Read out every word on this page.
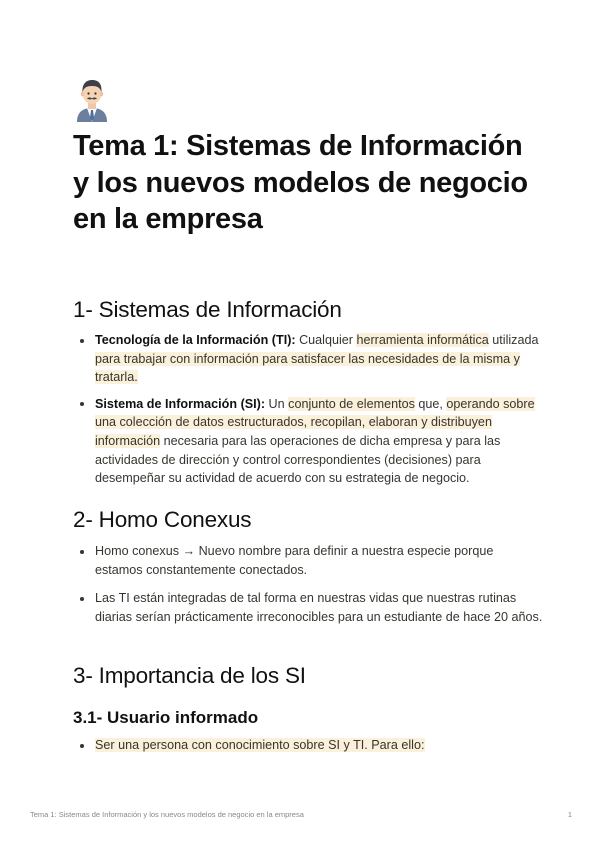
Tema 1: Sistemas de Información y los nuevos modelos de negocio en la empresa
1- Sistemas de Información
Tecnología de la Información (TI): Cualquier herramienta informática utilizada para trabajar con información para satisfacer las necesidades de la misma y tratarla.
Sistema de Información (SI): Un conjunto de elementos que, operando sobre una colección de datos estructurados, recopilan, elaboran y distribuyen información necesaria para las operaciones de dicha empresa y para las actividades de dirección y control correspondientes (decisiones) para desempeñar su actividad de acuerdo con su estrategia de negocio.
2- Homo Conexus
Homo conexus → Nuevo nombre para definir a nuestra especie porque estamos constantemente conectados.
Las TI están integradas de tal forma en nuestras vidas que nuestras rutinas diarias serían prácticamente irreconocibles para un estudiante de hace 20 años.
3- Importancia de los SI
3.1- Usuario informado
Ser una persona con conocimiento sobre SI y TI. Para ello:
Tema 1: Sistemas de Información y los nuevos modelos de negocio en la empresa	1
